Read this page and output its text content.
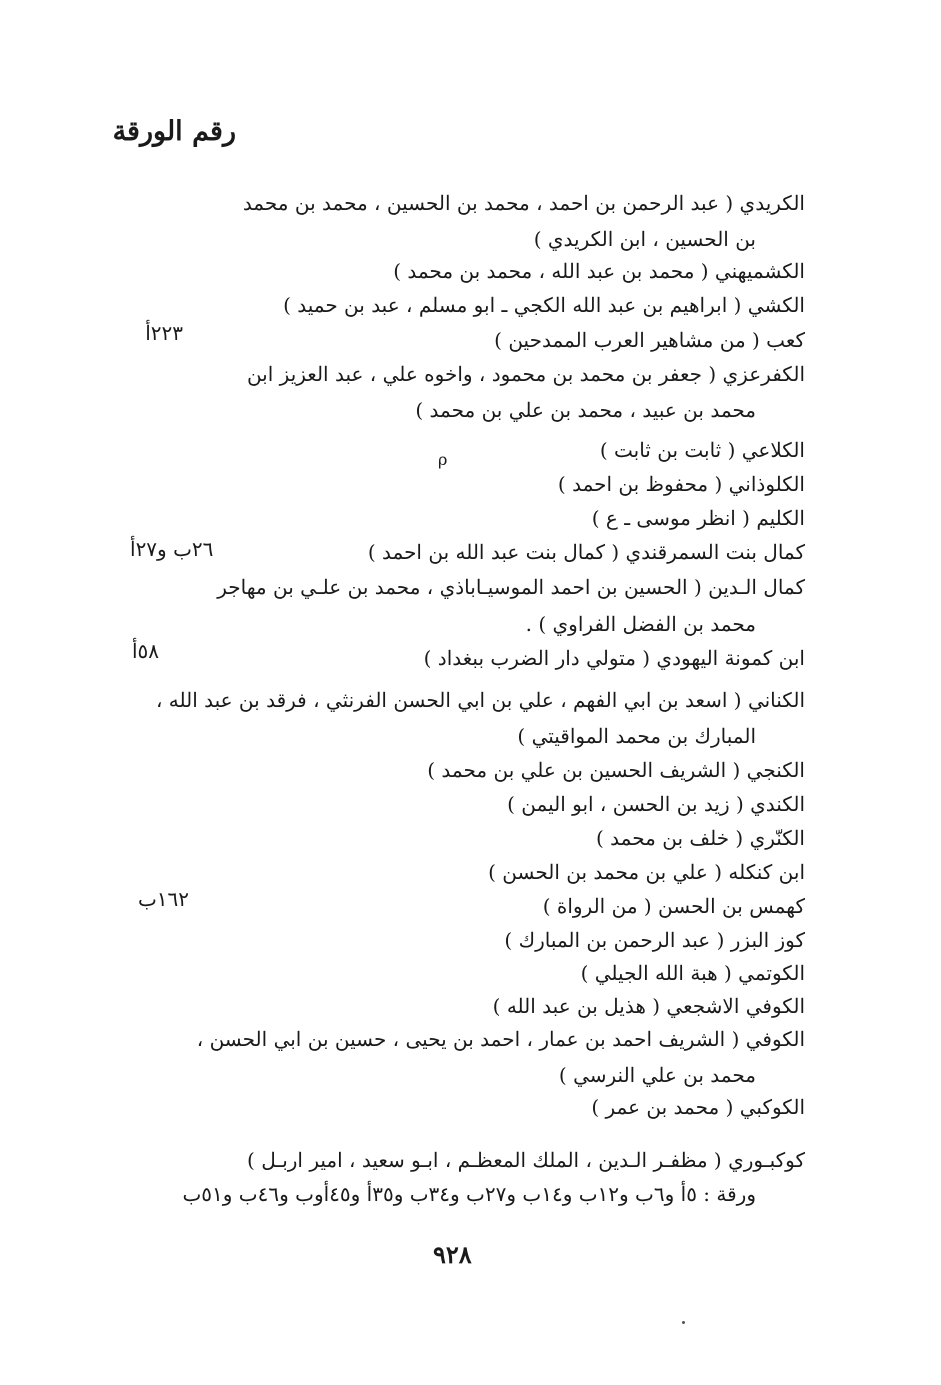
رقم الورقة
الكريدي ( عبد الرحمن بن احمد ، محمد بن الحسين ، محمد بن محمد
بن الحسين ، ابن الكريدي )
الكشميهني ( محمد بن عبد الله ، محمد بن محمد )
الكشي ( ابراهيم بن عبد الله الكجي ـ ابو مسلم ، عبد بن حميد )
كعب ( من مشاهير العرب الممدحين )
٢٢٣أ
الكفرعزي ( جعفر بن محمد بن محمود ، واخوه علي ، عبد العزيز ابن
محمد بن عبيد ، محمد بن علي بن محمد )
ρ	الكلاعي ( ثابت بن ثابت )
الكلوذاني ( محفوظ بن احمد )
الكليم ( انظر موسى ـ ع )
كمال بنت السمرقندي ( كمال بنت عبد الله بن احمد )
٢٦ب و٢٧أ
كمال الـدين ( الحسين بن احمد الموسيـاباذي ، محمد بن علـي بن مهاجر
محمد بن الفضل الفراوي ) .
ابن كمونة اليهودي ( متولي دار الضرب ببغداد )
٥٨أ
الكناني ( اسعد بن ابي الفهم ، علي بن ابي الحسن الفرنثي ، فرقد بن عبد الله ،
المبارك بن محمد المواقيتي )
الكنجي ( الشريف الحسين بن علي بن محمد )
الكندي ( زيد بن الحسن ، ابو اليمن )
الكنّري ( خلف بن محمد )
ابن كنكله ( علي بن محمد بن الحسن )
كهمس بن الحسن ( من الرواة )
١٦٢ب
كوز البزر ( عبد الرحمن بن المبارك )
الكوتمي ( هبة الله الجيلي )
الكوفي الاشجعي ( هذيل بن عبد الله )
الكوفي ( الشريف احمد بن عمار ، احمد بن يحيى ، حسين بن ابي الحسن ،
محمد بن علي النرسي )
الكوكبي ( محمد بن عمر )
كوكبـوري ( مظفـر الـدين ، الملك المعظـم ، ابـو سعيد ، امير اربـل )
ورقة : ٥أ و٦ب و١٢ب و١٤ب و٢٧ب و٣٤ب و٣٥أ و٤٥أوب و٤٦ب و٥١ب
٩٢٨
